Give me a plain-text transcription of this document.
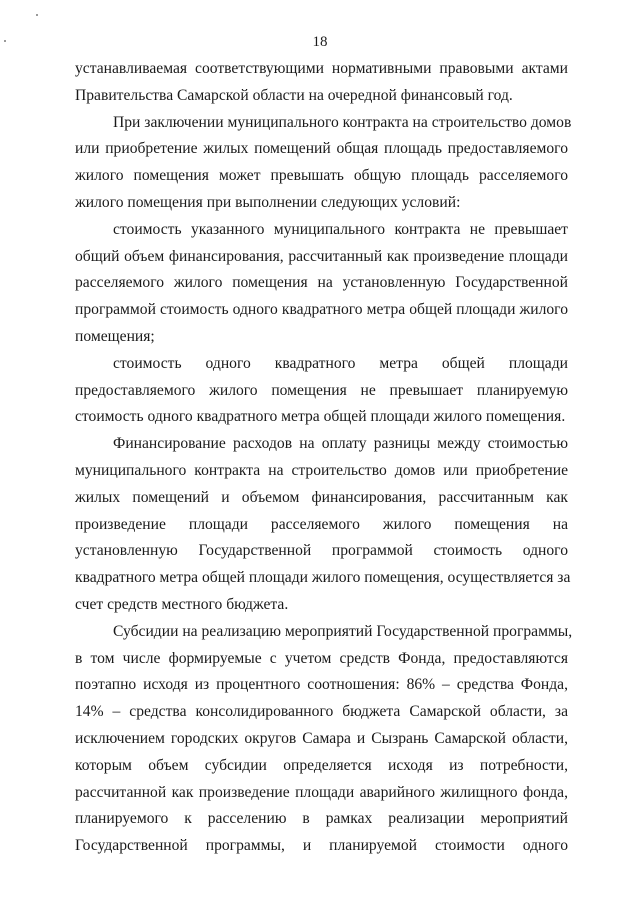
18
устанавливаемая соответствующими нормативными правовыми актами
Правительства Самарской области на очередной финансовый год.
При заключении муниципального контракта на строительство домов
или приобретение жилых помещений общая площадь предоставляемого
жилого помещения может превышать общую площадь расселяемого
жилого помещения при выполнении следующих условий:
стоимость указанного муниципального контракта не превышает
общий объем финансирования, рассчитанный как произведение площади
расселяемого жилого помещения на установленную Государственной
программой стоимость одного квадратного метра общей площади жилого
помещения;
стоимость одного квадратного метра общей площади
предоставляемого жилого помещения не превышает планируемую
стоимость одного квадратного метра общей площади жилого помещения.
Финансирование расходов на оплату разницы между стоимостью
муниципального контракта на строительство домов или приобретение
жилых помещений и объемом финансирования, рассчитанным как
произведение площади расселяемого жилого помещения на
установленную Государственной программой стоимость одного
квадратного метра общей площади жилого помещения, осуществляется за
счет средств местного бюджета.
Субсидии на реализацию мероприятий Государственной программы,
в том числе формируемые с учетом средств Фонда, предоставляются
поэтапно исходя из процентного соотношения: 86% – средства Фонда,
14% – средства консолидированного бюджета Самарской области, за
исключением городских округов Самара и Сызрань Самарской области,
которым объем субсидии определяется исходя из потребности,
рассчитанной как произведение площади аварийного жилищного фонда,
планируемого к расселению в рамках реализации мероприятий
Государственной программы, и планируемой стоимости одного
